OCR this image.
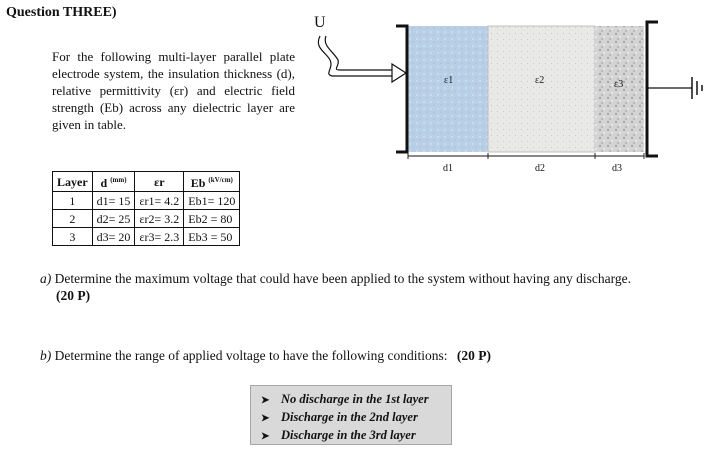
Question THREE)
For the following multi-layer parallel plate electrode system, the insulation thickness (d), relative permittivity (εr) and electric field strength (Eb) across any dielectric layer are given in table.
Layer	d $^{(mm)}$	εr	Eb $^{(kV/cm)}$
1	d1= 15	εr1= 4.2	Eb1= 120
2	d2= 25	εr2= 3.2	Eb2 = 80
3	d3= 20	εr3= 2.3	Eb3 = 50
U
ε1	ε2	ε3
d1	d2	d3
a) Determine the maximum voltage that could have been applied to the system without having any discharge.
(20 P)
b) Determine the range of applied voltage to have the following conditions: (20 P)
➤ No discharge in the 1st layer
➤ Discharge in the 2nd layer
➤ Discharge in the 3rd layer
